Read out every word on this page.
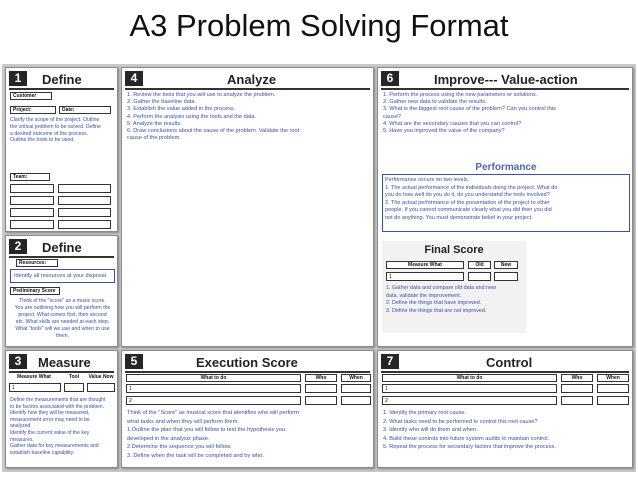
A3 Problem Solving Format
1	Define
Customer
Project:	Date:

Clarify the scope of the project. Outline

the critical problem to be solved. Define

a desired outcome of the process.

Outline the tools to be used.

Team:
2	Define
Resources:
Identify all resources at your disposal
Preliminary Score

Think of the "score" as a music score.

You are outlining how you will perform the

project. What comes first, then second

etc. What skills are needed at each step.

What "tools" will we use and when to use

them.

4	Analyze

1. Review the tools that you will use to analyze the problem.

2. Gather the baseline data.

3. Establish the value added in the process.

4. Perform the analysis using the tools and the data.

5. Analyze the results.

6. Draw conclusions about the cause of the problem. Validate the root

cause of the problem.

6	Improve--- Value-action

1. Perform the process using the new parameters or solutions.

2. Gather new data to validate the results.

3. What is the biggest root cause of the problem? Can you control this

cause?

4. What are the secondary causes that you can control?

5. Have you improved the value of the company?

Performance

Performance occurs on two levels.

1. The actual performance of the individuals doing the project. What do

you do how well do you do it, do you understand the tools involved?

2. The actual performance of the presentation of the project to other

people. If you cannot communicate clearly what you did then you did

not do anything. You must demonstrate belief in your project.

Final Score
Measure What	Old	New
1

1. Gather data and compare old data and new

data, validate the improvement.

2. Define the things that have improved.

3. Define the things that are not improved.

3	Measure
Measure What	Tool	Value Now
1

Define the measurements that are thought

to be factors associated with the problem.

Identify how they will be measured,

measurement error may need to be

analyzed.

Identify the current value of the key

measures.

Gather data for key measurements and

establish baseline capability.

5	Execution Score
What to do	Who	When
1
2

Think of the "Score" as musical score that identifies who will perform

what tasks and when they will perform them.

1.Outline the plan that you will follow to test the hypothesis you

developed in the analysis phase.

2.Determine the sequence you will follow.

3. Define when the task will be completed and by who.

7	Control
What to do	Who	When
1
2

1. Identify the primary root cause.

2. What tasks need to be performed to control this root cause?

3. Identify who will do them and when.

4. Build these controls into future system audits to maintain control.

5. Repeat the process for secondary factors that improve the process.
